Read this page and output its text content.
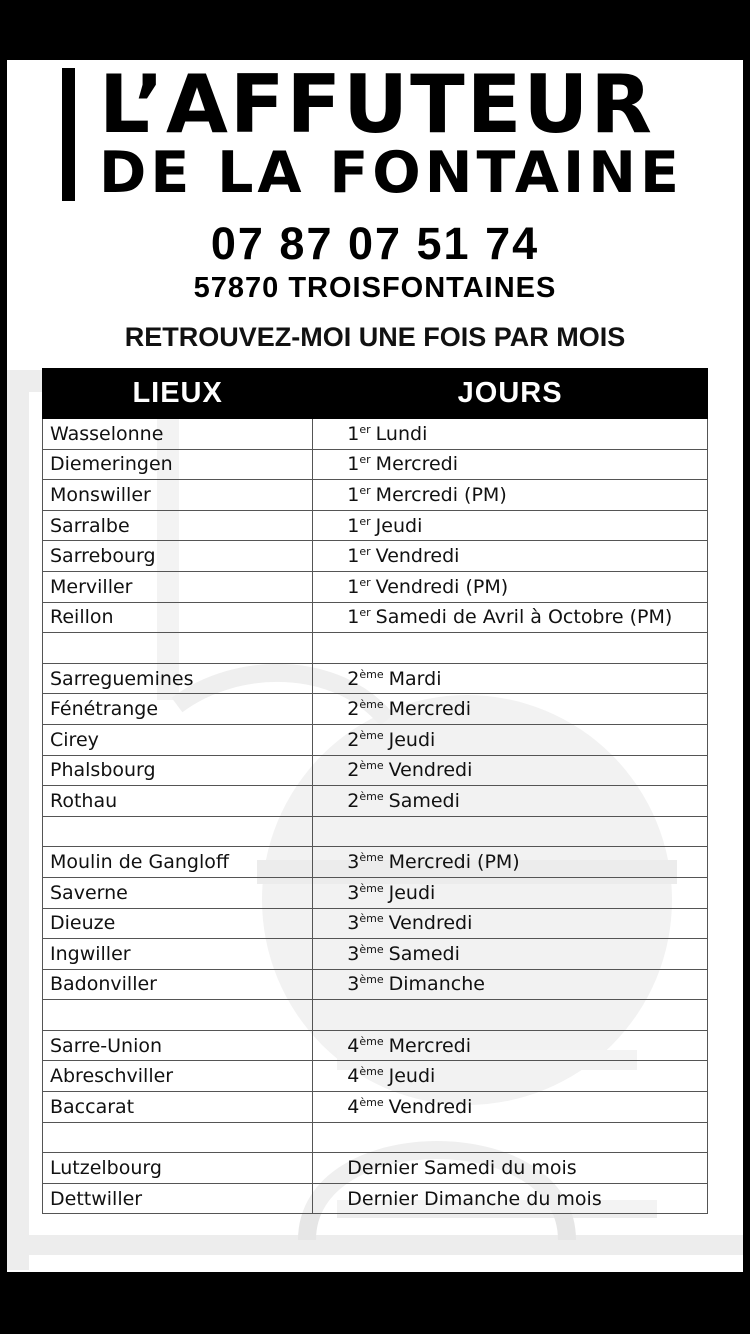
L’AFFUTEUR
DE LA FONTAINE
07 87 07 51 74
57870 TROISFONTAINES
RETROUVEZ-MOI UNE FOIS PAR MOIS
LIEUX	JOURS
Wasselonne	1er Lundi
Diemeringen	1er Mercredi
Monswiller	1er Mercredi (PM)
Sarralbe	1er Jeudi
Sarrebourg	1er Vendredi
Merviller	1er Vendredi (PM)
Reillon	1er Samedi de Avril à Octobre (PM)

Sarreguemines	2ème Mardi
Fénétrange	2ème Mercredi
Cirey	2ème Jeudi
Phalsbourg	2ème Vendredi
Rothau	2ème Samedi

Moulin de Gangloff	3ème Mercredi (PM)
Saverne	3ème Jeudi
Dieuze	3ème Vendredi
Ingwiller	3ème Samedi
Badonviller	3ème Dimanche

Sarre-Union	4ème Mercredi
Abreschviller	4ème Jeudi
Baccarat	4ème Vendredi

Lutzelbourg	Dernier Samedi du mois
Dettwiller	Dernier Dimanche du mois
